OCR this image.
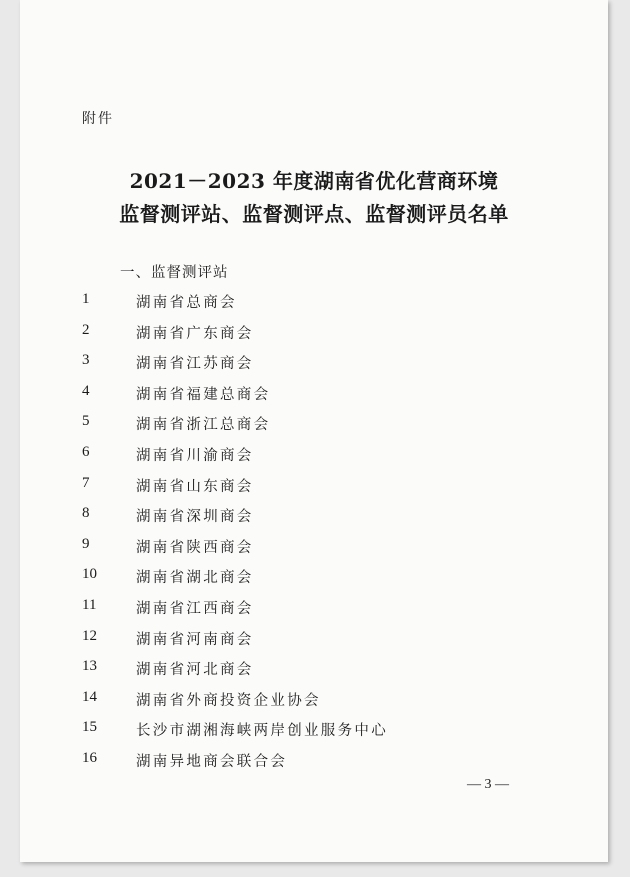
附件
2021－2023 年度湖南省优化营商环境
监督测评站、监督测评点、监督测评员名单
一、监督测评站
1	湖南省总商会
2	湖南省广东商会
3	湖南省江苏商会
4	湖南省福建总商会
5	湖南省浙江总商会
6	湖南省川渝商会
7	湖南省山东商会
8	湖南省深圳商会
9	湖南省陕西商会
10	湖南省湖北商会
11	湖南省江西商会
12	湖南省河南商会
13	湖南省河北商会
14	湖南省外商投资企业协会
15	长沙市湖湘海峡两岸创业服务中心
16	湖南异地商会联合会
— 3 —
